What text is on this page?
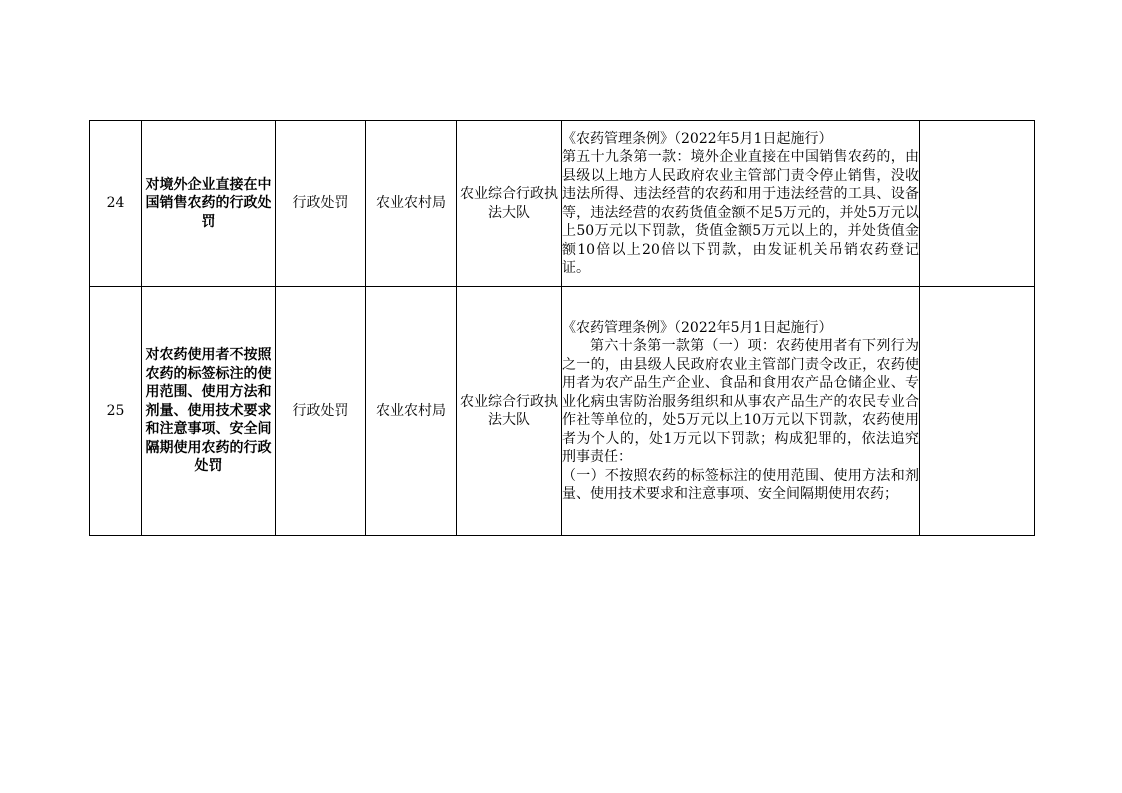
24	对境外企业直接在中国销售农药的行政处罚	行政处罚	农业农村局	农业综合行政执法大队	《农药管理条例》（2022年5月1日起施行）
第五十九条第一款：境外企业直接在中国销售农药的，由县级以上地方人民政府农业主管部门责令停止销售，没收违法所得、违法经营的农药和用于违法经营的工具、设备等，违法经营的农药货值金额不足5万元的，并处5万元以上50万元以下罚款，货值金额5万元以上的，并处货值金额10倍以上20倍以下罚款，由发证机关吊销农药登记证。	

25	对农药使用者不按照农药的标签标注的使用范围、使用方法和剂量、使用技术要求和注意事项、安全间隔期使用农药的行政处罚	行政处罚	农业农村局	农业综合行政执法大队	《农药管理条例》（2022年5月1日起施行）
第六十条第一款第（一）项：农药使用者有下列行为之一的，由县级人民政府农业主管部门责令改正，农药使用者为农产品生产企业、食品和食用农产品仓储企业、专业化病虫害防治服务组织和从事农产品生产的农民专业合作社等单位的，处5万元以上10万元以下罚款，农药使用者为个人的，处1万元以下罚款；构成犯罪的，依法追究刑事责任：
（一）不按照农药的标签标注的使用范围、使用方法和剂量、使用技术要求和注意事项、安全间隔期使用农药；	
